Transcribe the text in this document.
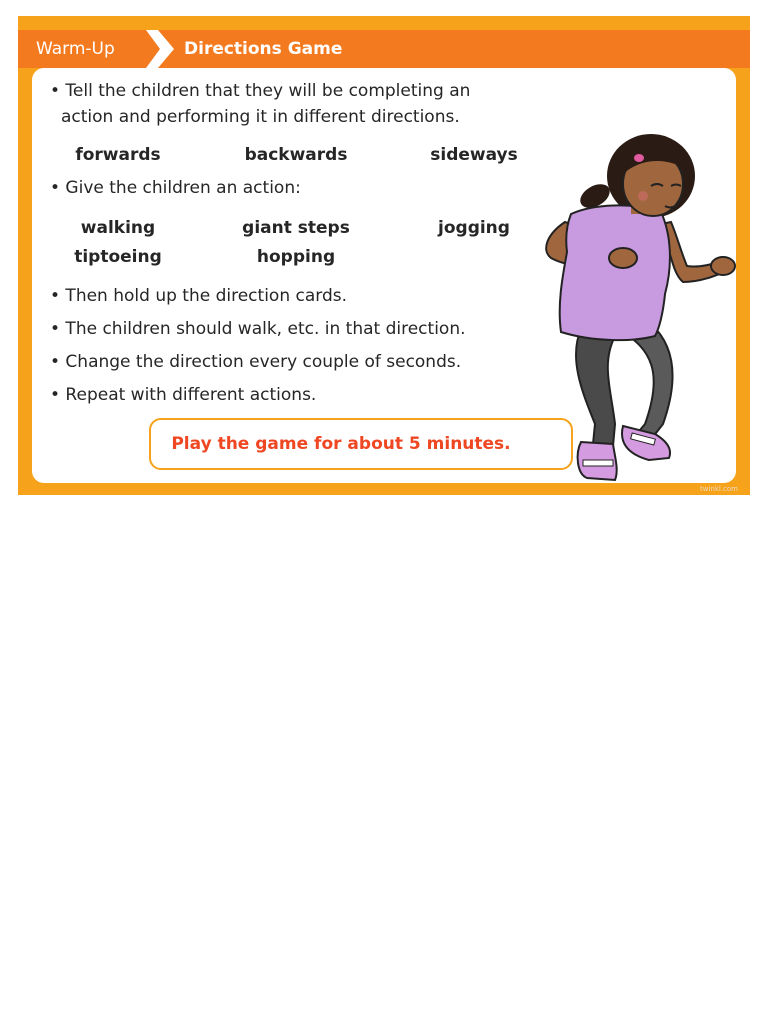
Warm-Up	Directions Game
• Tell the children that they will be completing an
action and performing it in different directions.
forwards	backwards	sideways
• Give the children an action:
walking	giant steps	jogging
tiptoeing	hopping
• Then hold up the direction cards.
• The children should walk, etc. in that direction.
• Change the direction every couple of seconds.
• Repeat with different actions.
Play the game for about 5 minutes.
twinkl.com
